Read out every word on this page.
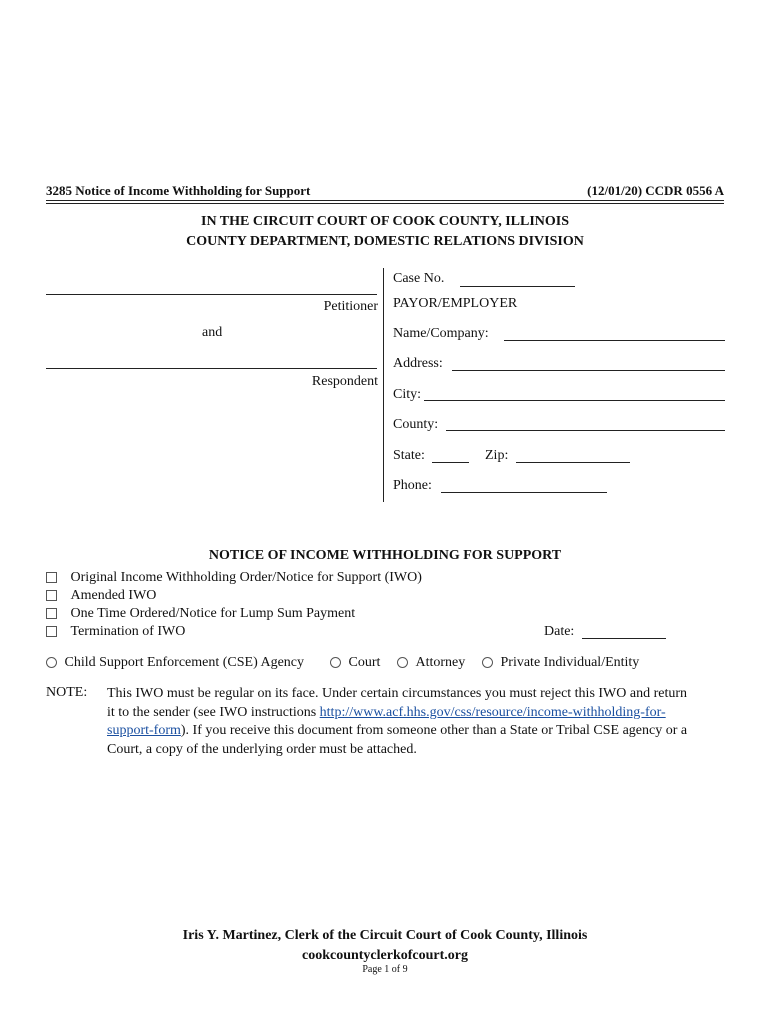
3285 Notice of Income Withholding for Support	(12/01/20) CCDR 0556 A
IN THE CIRCUIT COURT OF COOK COUNTY, ILLINOIS
COUNTY DEPARTMENT, DOMESTIC RELATIONS DIVISION
Petitioner
and
Respondent
Case No.
PAYOR/EMPLOYER
Name/Company:
Address:
City:
County:
State:	Zip:
Phone:
NOTICE OF INCOME WITHHOLDING FOR SUPPORT
Original Income Withholding Order/Notice for Support (IWO)
Amended IWO
One Time Ordered/Notice for Lump Sum Payment
Termination of IWO	Date:
Child Support Enforcement (CSE) Agency	Court	Attorney	Private Individual/Entity
NOTE: This IWO must be regular on its face. Under certain circumstances you must reject this IWO and return
it to the sender (see IWO instructions http://www.acf.hhs.gov/css/resource/income-withholding-for-
support-form). If you receive this document from someone other than a State or Tribal CSE agency or a
Court, a copy of the underlying order must be attached.
Iris Y. Martinez, Clerk of the Circuit Court of Cook County, Illinois
cookcountyclerkofcourt.org
Page 1 of 9
